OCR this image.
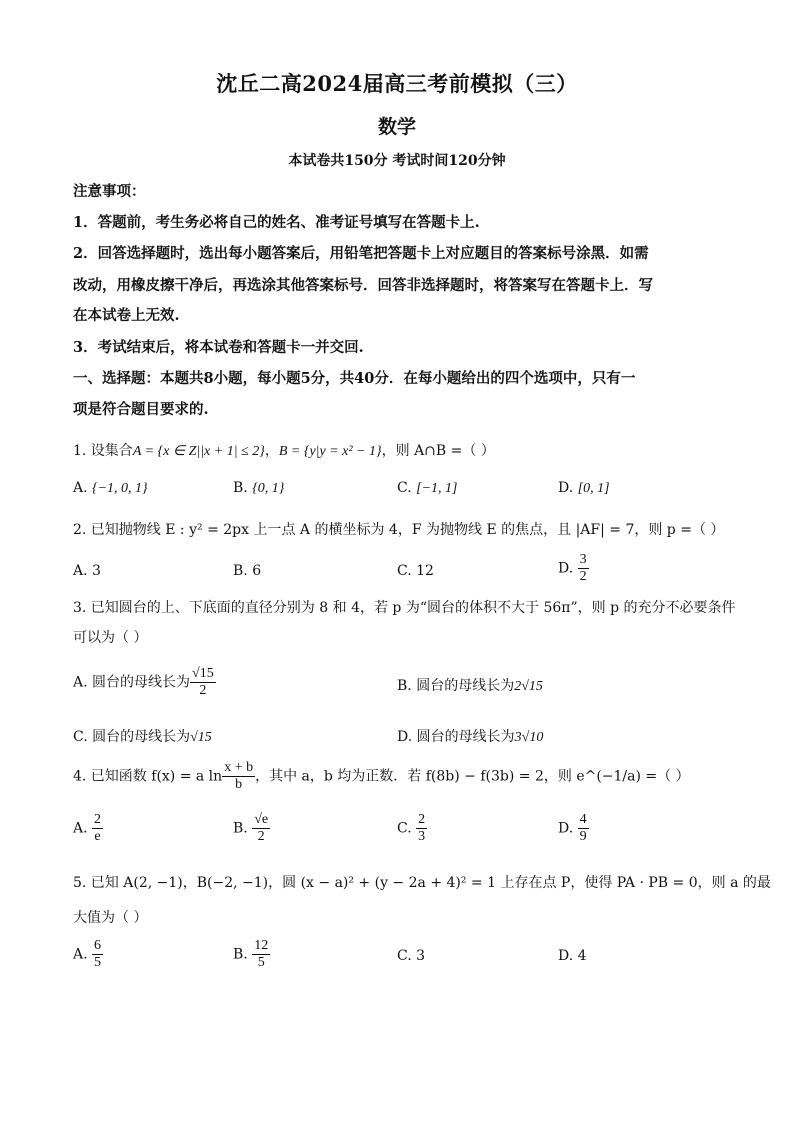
沈丘二高2024届高三考前模拟（三）
数学
本试卷共150分 考试时间120分钟
注意事项：
1．答题前，考生务必将自己的姓名、准考证号填写在答题卡上.
2．回答选择题时，选出每小题答案后，用铅笔把答题卡上对应题目的答案标号涂黑．如需
改动，用橡皮擦干净后，再选涂其他答案标号．回答非选择题时，将答案写在答题卡上．写
在本试卷上无效.
3．考试结束后，将本试卷和答题卡一并交回.
一、选择题：本题共8小题，每小题5分，共40分．在每小题给出的四个选项中，只有一
项是符合题目要求的.
1. 设集合A = {x ∈ Z||x + 1| ≤ 2}，B = {y|y = x² − 1}，则 A∩B =（ ）
A. {−1, 0, 1}	B. {0, 1}	C. [−1, 1]	D. [0, 1]
2. 已知抛物线 E : y² = 2px 上一点 A 的横坐标为 4，F 为抛物线 E 的焦点，且 |AF| = 7，则 p =（ ）
A. 3	B. 6	C. 12	D. $\frac{3}{2}$
3. 已知圆台的上、下底面的直径分别为 8 和 4，若 p 为“圆台的体积不大于 56π”，则 p 的充分不必要条件
可以为（ ）
A. 圆台的母线长为 $\frac{√15}{2}$	B. 圆台的母线长为2√15
C. 圆台的母线长为√15	D. 圆台的母线长为3√10
4. 已知函数 f(x) = a $\ln \frac{x + b}{b}$ ，其中 a，b 均为正数．若 f(8b) − f(3b) = 2，则 e^(−1/a) =（ ）
A. $\frac{2}{e}$	B. $\frac{√e}{2}$	C. $\frac{2}{3}$	D. $\frac{4}{9}$
5. 已知 A(2, −1)，B(−2, −1)，圆 (x − a)² + (y − 2a + 4)² = 1 上存在点 P，使得 PA · PB = 0，则 a 的最
大值为（ ）
A. $\frac{6}{5}$	B. $\frac{12}{5}$	C. 3	D. 4
